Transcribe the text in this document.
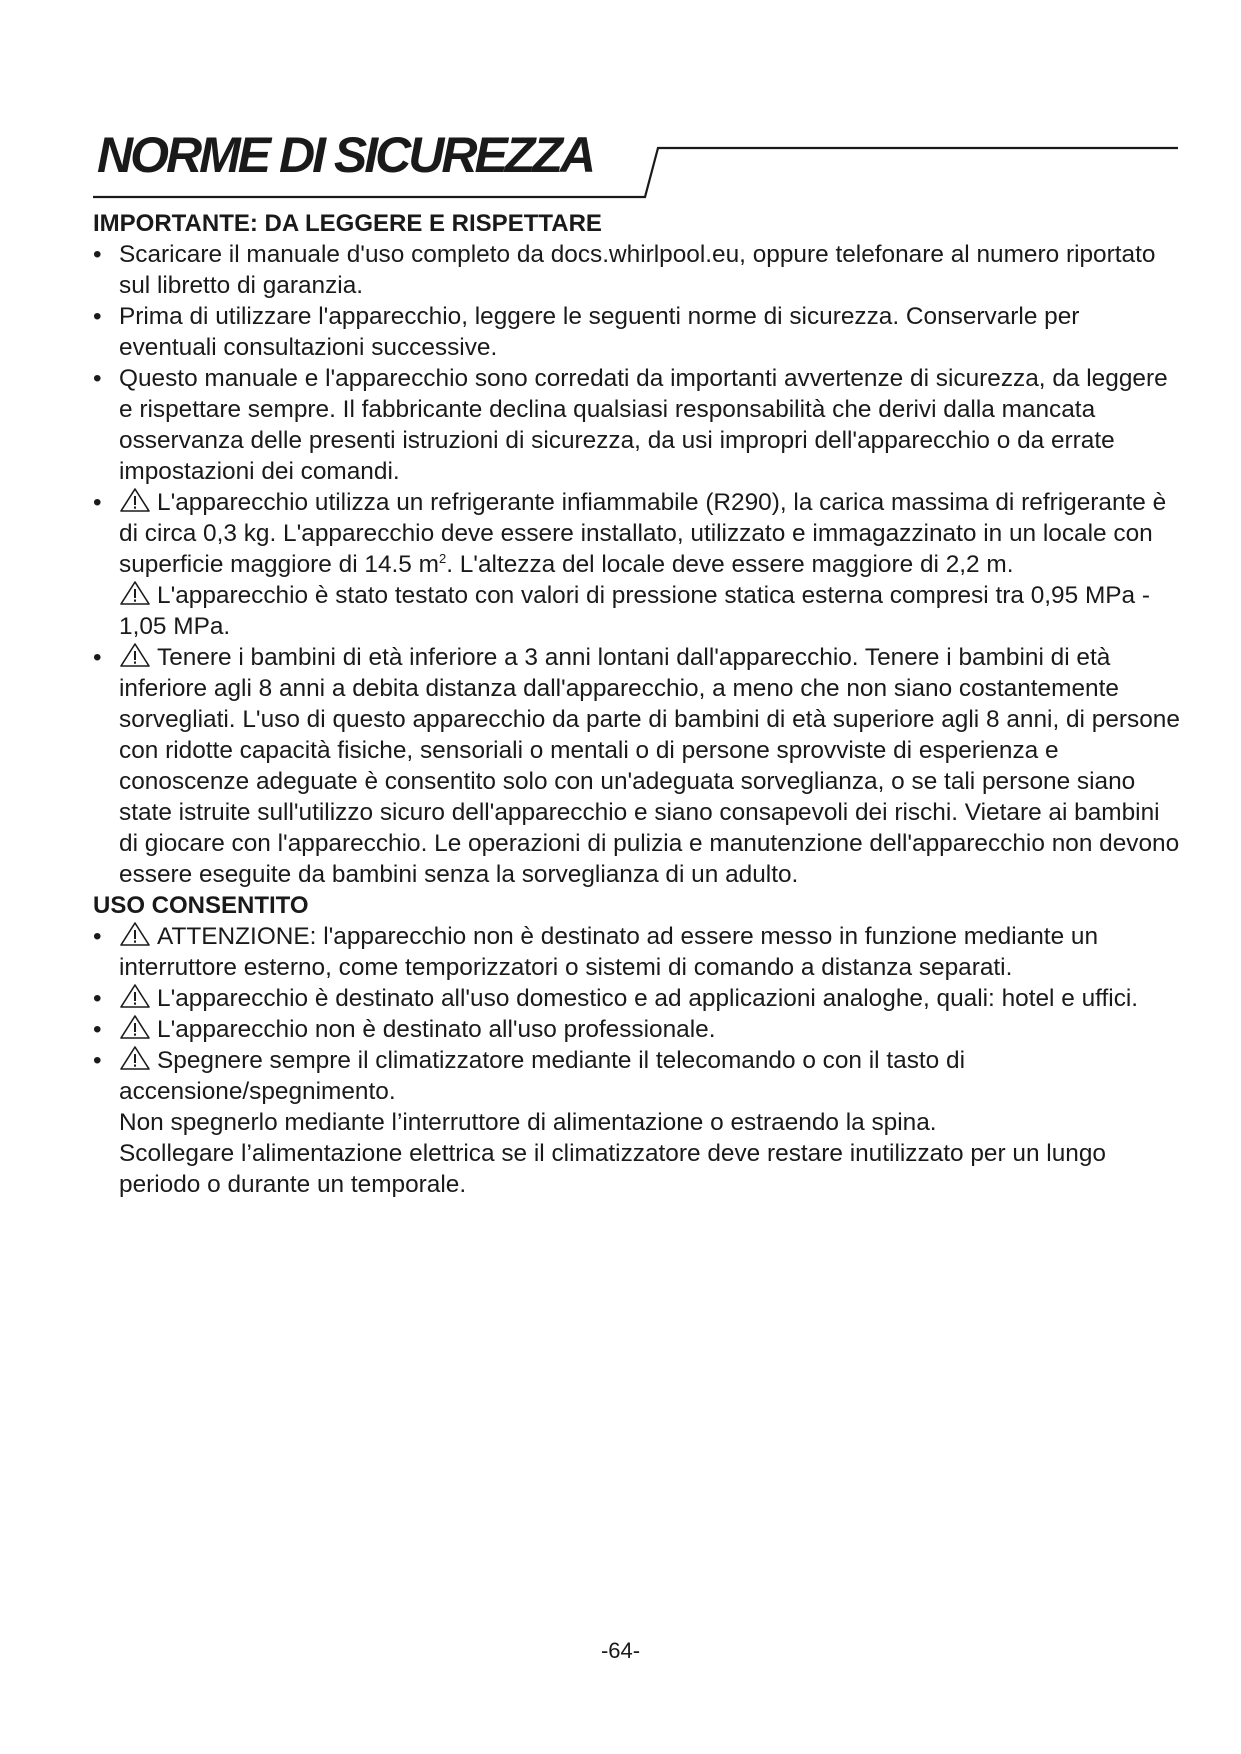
NORME DI SICUREZZA

IMPORTANTE: DA LEGGERE E RISPETTARE

• Scaricare il manuale d'uso completo da docs.whirlpool.eu, oppure telefonare al numero riportato sul libretto di garanzia.
• Prima di utilizzare l'apparecchio, leggere le seguenti norme di sicurezza. Conservarle per eventuali consultazioni successive.
• Questo manuale e l'apparecchio sono corredati da importanti avvertenze di sicurezza, da leggere e rispettare sempre. Il fabbricante declina qualsiasi responsabilità che derivi dalla mancata osservanza delle presenti istruzioni di sicurezza, da usi impropri dell'apparecchio o da errate impostazioni dei comandi.
• L'apparecchio utilizza un refrigerante infiammabile (R290), la carica massima di refrigerante è di circa 0,3 kg. L'apparecchio deve essere installato, utilizzato e immagazzinato in un locale con superficie maggiore di 14.5 $m^2$. L'altezza del locale deve essere maggiore di 2,2 m.
L'apparecchio è stato testato con valori di pressione statica esterna compresi tra 0,95 MPa - 1,05 MPa.
• Tenere i bambini di età inferiore a 3 anni lontani dall'apparecchio. Tenere i bambini di età inferiore agli 8 anni a debita distanza dall'apparecchio, a meno che non siano costantemente sorvegliati. L'uso di questo apparecchio da parte di bambini di età superiore agli 8 anni, di persone con ridotte capacità fisiche, sensoriali o mentali o di persone sprovviste di esperienza e conoscenze adeguate è consentito solo con un'adeguata sorveglianza, o se tali persone siano state istruite sull'utilizzo sicuro dell'apparecchio e siano consapevoli dei rischi. Vietare ai bambini di giocare con l'apparecchio. Le operazioni di pulizia e manutenzione dell'apparecchio non devono essere eseguite da bambini senza la sorveglianza di un adulto.

USO CONSENTITO

• ATTENZIONE: l'apparecchio non è destinato ad essere messo in funzione mediante un interruttore esterno, come temporizzatori o sistemi di comando a distanza separati.
• L'apparecchio è destinato all'uso domestico e ad applicazioni analoghe, quali: hotel e uffici.
• L'apparecchio non è destinato all'uso professionale.
• Spegnere sempre il climatizzatore mediante il telecomando o con il tasto di accensione/spegnimento.
Non spegnerlo mediante l’interruttore di alimentazione o estraendo la spina.
Scollegare l’alimentazione elettrica se il climatizzatore deve restare inutilizzato per un lungo periodo o durante un temporale.
-64-
